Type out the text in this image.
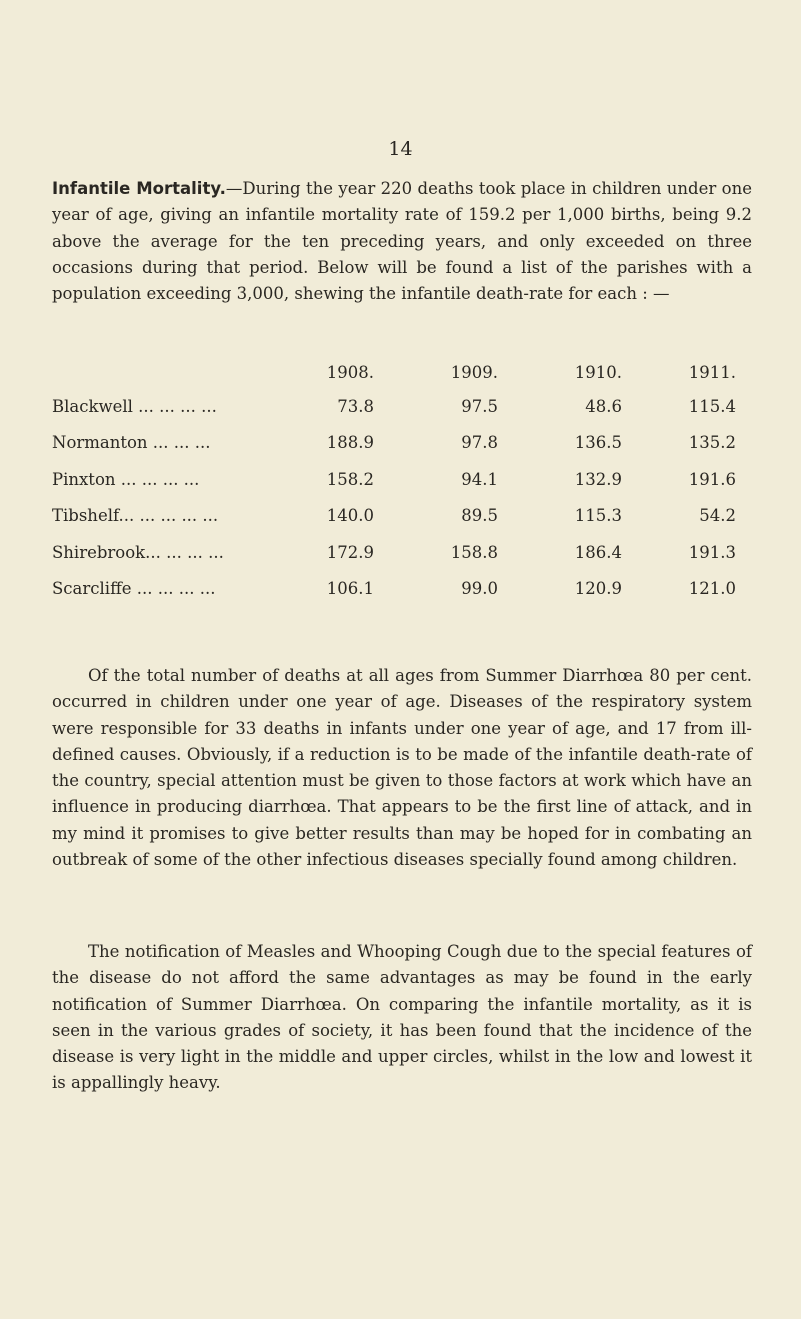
14

Infantile Mortality.—During the year 220 deaths took place in children under one year of age, giving an infantile mortality rate of 159.2 per 1,000 births, being 9.2 above the average for the ten preceding years, and only exceeded on three occasions during that period. Below will be found a list of the parishes with a population exceeding 3,000, shewing the infantile death-rate for each : —

	1908.	1909.	1910.	1911.
Blackwell ... ... ... ...	73.8	97.5	48.6	115.4
Normanton ... ... ...	188.9	97.8	136.5	135.2
Pinxton ... ... ... ...	158.2	94.1	132.9	191.6
Tibshelf... ... ... ... ...	140.0	89.5	115.3	54.2
Shirebrook... ... ... ...	172.9	158.8	186.4	191.3
Scarcliffe ... ... ... ...	106.1	99.0	120.9	121.0

Of the total number of deaths at all ages from Summer Diarrhœa 80 per cent. occurred in children under one year of age. Diseases of the respiratory system were responsible for 33 deaths in infants under one year of age, and 17 from ill-defined causes. Obviously, if a reduction is to be made of the infantile death-rate of the country, special attention must be given to those factors at work which have an influence in producing diarrhœa. That appears to be the first line of attack, and in my mind it promises to give better results than may be hoped for in combating an outbreak of some of the other infectious diseases specially found among children.

The notification of Measles and Whooping Cough due to the special features of the disease do not afford the same advantages as may be found in the early notification of Summer Diarrhœa. On comparing the infantile mortality, as it is seen in the various grades of society, it has been found that the incidence of the disease is very light in the middle and upper circles, whilst in the low and lowest it is appallingly heavy.
